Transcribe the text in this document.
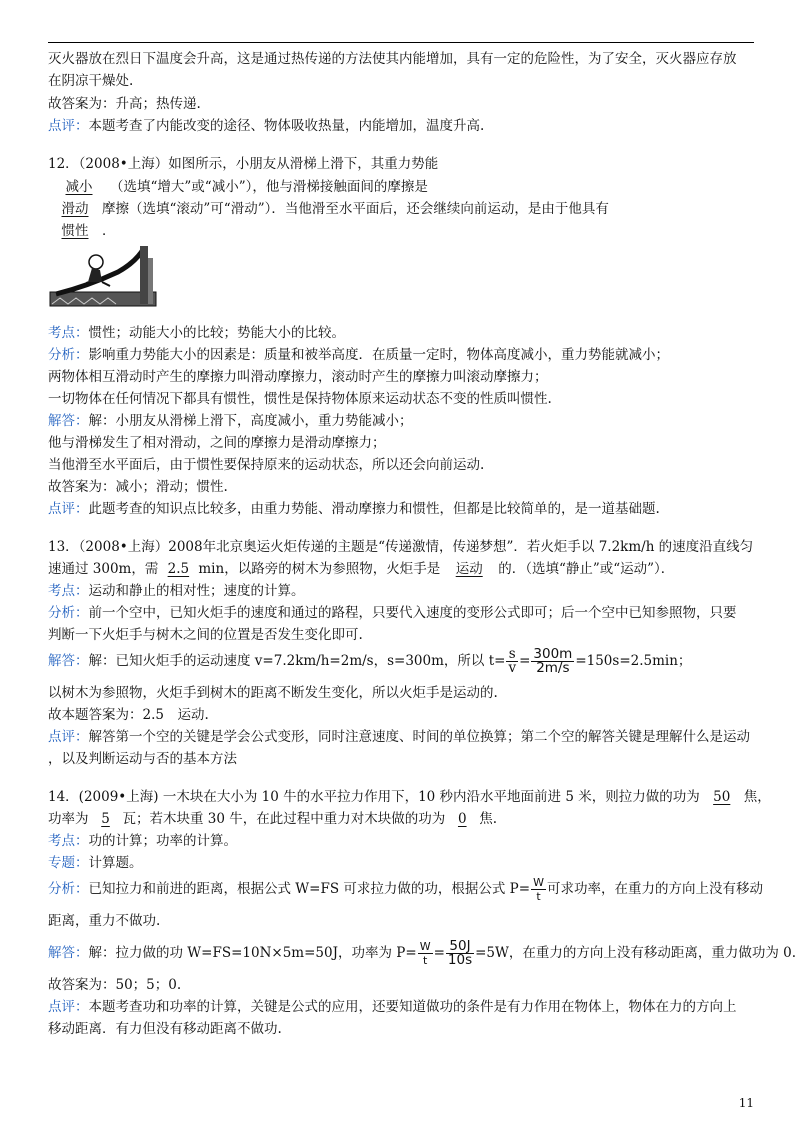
灭火器放在烈日下温度会升高，这是通过热传递的方法使其内能增加，具有一定的危险性，为了安全，灭火器应存放
在阴凉干燥处.
故答案为：升高；热传递.
点评：本题考查了内能改变的途径、物体吸收热量，内能增加，温度升高.
12．（2008•上海）如图所示，小朋友从滑梯上滑下，其重力势能
减小 （选填“增大”或“减小”），他与滑梯接触面间的摩擦是
滑动 摩擦（选填“滚动”可“滑动”）．当他滑至水平面后，还会继续向前运动，是由于他具有
惯性 ．
考点：惯性；动能大小的比较；势能大小的比较。
分析：影响重力势能大小的因素是：质量和被举高度．在质量一定时，物体高度减小，重力势能就减小；
两物体相互滑动时产生的摩擦力叫滑动摩擦力，滚动时产生的摩擦力叫滚动摩擦力；
一切物体在任何情况下都具有惯性，惯性是保持物体原来运动状态不变的性质叫惯性.
解答：解：小朋友从滑梯上滑下，高度减小，重力势能减小；
他与滑梯发生了相对滑动，之间的摩擦力是滑动摩擦力；
当他滑至水平面后，由于惯性要保持原来的运动状态，所以还会向前运动.
故答案为：减小；滑动；惯性.
点评：此题考查的知识点比较多，由重力势能、滑动摩擦力和惯性，但都是比较简单的，是一道基础题.
13．（2008•上海）2008年北京奥运火炬传递的主题是“传递激情，传递梦想”．若火炬手以 7.2km/h 的速度沿直线匀
速通过 300m，需 2.5 min，以路旁的树木为参照物，火炬手是 运动 的．（选填“静止”或“运动”）．
考点：运动和静止的相对性；速度的计算。
分析：前一个空中，已知火炬手的速度和通过的路程，只要代入速度的变形公式即可；后一个空中已知参照物，只要
判断一下火炬手与树木之间的位置是否发生变化即可.
解答：解：已知火炬手的运动速度 v=7.2km/h=2m/s，s=300m，所以 $t= \frac{s}{v} = \frac{300m}{2m/s} =150s=2.5\min$；
以树木为参照物，火炬手到树木的距离不断发生变化，所以火炬手是运动的.
故本题答案为：2.5　运动.
点评：解答第一个空的关键是学会公式变形，同时注意速度、时间的单位换算；第二个空的解答关键是理解什么是运动
，以及判断运动与否的基本方法
14．(2009•上海) 一木块在大小为 10 牛的水平拉力作用下，10 秒内沿水平地面前进 5 米，则拉力做的功为 50 焦，
功率为 5 瓦；若木块重 30 牛，在此过程中重力对木块做的功为 0 焦.
考点：功的计算；功率的计算。
专题：计算题。
分析：已知拉力和前进的距离，根据公式 W=FS 可求拉力做的功，根据公式 $P= \frac{W}{t}$ 可求功率，在重力的方向上没有移动
距离，重力不做功.
解答：解：拉力做的功 W=FS=10N×5m=50J，功率为 $P= \frac{W}{t} = \frac{50J}{10s} =5W$，在重力的方向上没有移动距离，重力做功为 0.
故答案为：50；5；0.
点评：本题考查功和功率的计算，关键是公式的应用，还要知道做功的条件是有力作用在物体上，物体在力的方向上
移动距离．有力但没有移动距离不做功.
11
